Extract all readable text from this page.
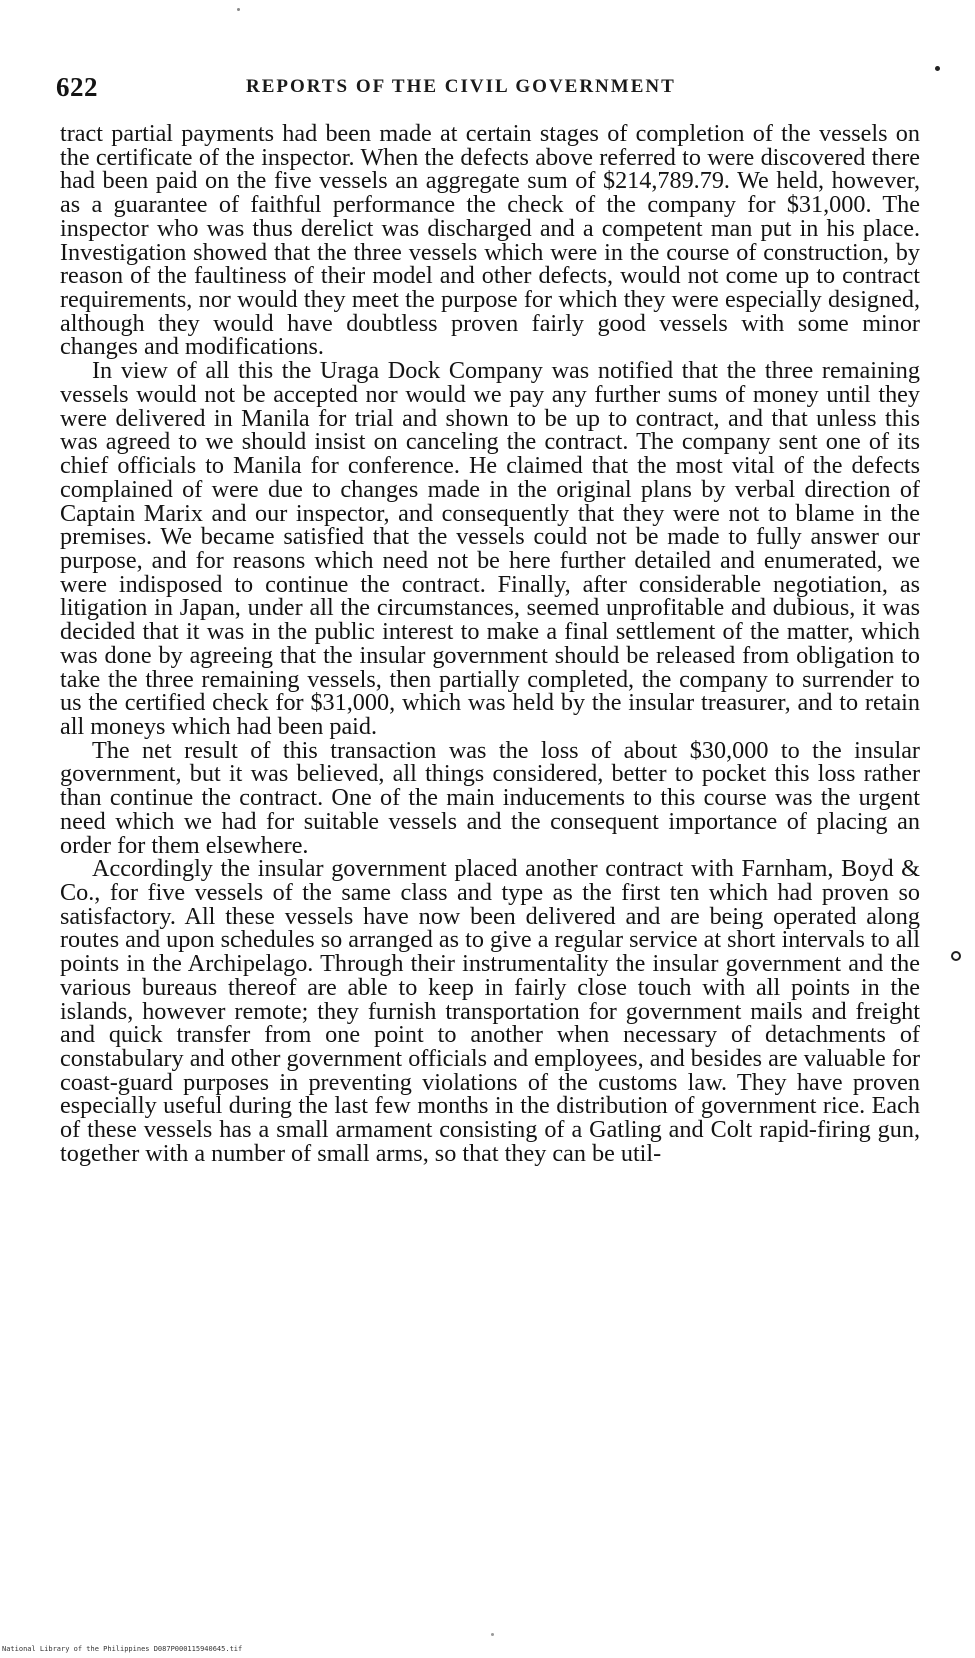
622	REPORTS OF THE CIVIL GOVERNMENT

tract partial payments had been made at certain stages of completion of the vessels on the certificate of the inspector. When the defects above referred to were discovered there had been paid on the five vessels an aggregate sum of $214,789.79. We held, however, as a guarantee of faithful performance the check of the company for $31,000. The inspector who was thus derelict was discharged and a competent man put in his place. Investigation showed that the three vessels which were in the course of construction, by reason of the faultiness of their model and other defects, would not come up to contract requirements, nor would they meet the purpose for which they were especially designed, although they would have doubtless proven fairly good vessels with some minor changes and modifications.

In view of all this the Uraga Dock Company was notified that the three remaining vessels would not be accepted nor would we pay any further sums of money until they were delivered in Manila for trial and shown to be up to contract, and that unless this was agreed to we should insist on canceling the contract. The company sent one of its chief officials to Manila for conference. He claimed that the most vital of the defects complained of were due to changes made in the original plans by verbal direction of Captain Marix and our inspector, and consequently that they were not to blame in the premises. We became satisfied that the vessels could not be made to fully answer our purpose, and for reasons which need not be here further detailed and enumerated, we were indisposed to continue the contract. Finally, after considerable negotiation, as litigation in Japan, under all the circumstances, seemed unprofitable and dubious, it was decided that it was in the public interest to make a final settlement of the matter, which was done by agreeing that the insular government should be released from obligation to take the three remaining vessels, then partially completed, the company to surrender to us the certified check for $31,000, which was held by the insular treasurer, and to retain all moneys which had been paid.

The net result of this transaction was the loss of about $30,000 to the insular government, but it was believed, all things considered, better to pocket this loss rather than continue the contract. One of the main inducements to this course was the urgent need which we had for suitable vessels and the consequent importance of placing an order for them elsewhere.

Accordingly the insular government placed another contract with Farnham, Boyd & Co., for five vessels of the same class and type as the first ten which had proven so satisfactory. All these vessels have now been delivered and are being operated along routes and upon schedules so arranged as to give a regular service at short intervals to all points in the Archipelago. Through their instrumentality the insular government and the various bureaus thereof are able to keep in fairly close touch with all points in the islands, however remote; they furnish transportation for government mails and freight and quick transfer from one point to another when necessary of detachments of constabulary and other government officials and employees, and besides are valuable for coast-guard purposes in preventing violations of the customs law. They have proven especially useful during the last few months in the distribution of government rice. Each of these vessels has a small armament consisting of a Gatling and Colt rapid-firing gun, together with a number of small arms, so that they can be util-

National Library of the Philippines D087P000115940645.tif
